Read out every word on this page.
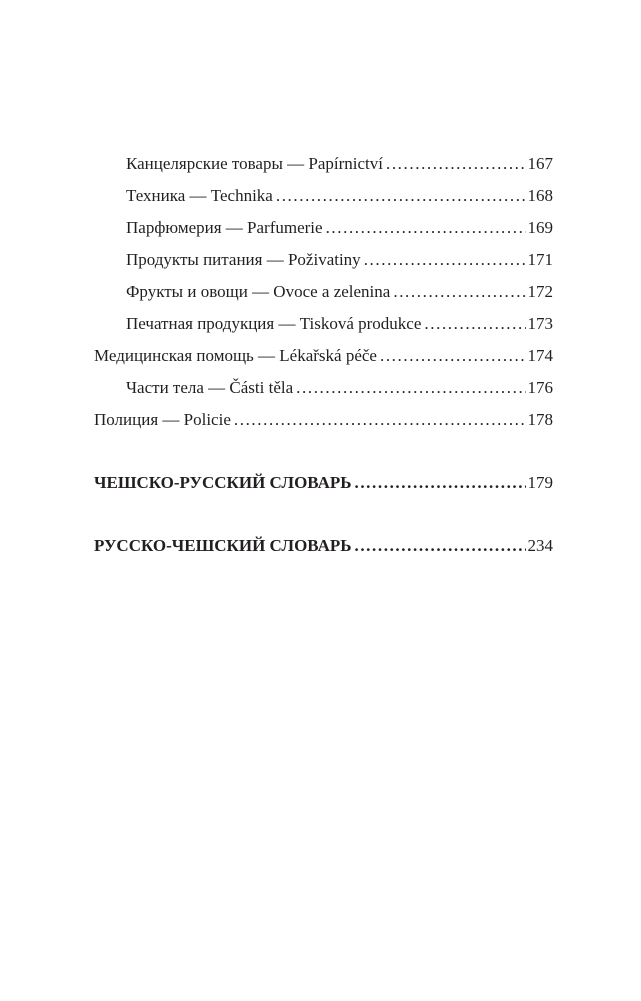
Канцелярские товары — Papírnictví .....	167
Техника — Technika .....	168
Парфюмерия — Parfumerie .....	169
Продукты питания — Poživatiny .....	171
Фрукты и овощи — Ovoce a zelenina .....	172
Печатная продукция — Tisková produkce .....	173
Медицинская помощь — Lékařská péče .....	174
Части тела — Části těla .....	176
Полиция — Policie .....	178
ЧЕШСКО-РУССКИЙ СЛОВАРЬ .....	179
РУССКО-ЧЕШСКИЙ СЛОВАРЬ .....	234
